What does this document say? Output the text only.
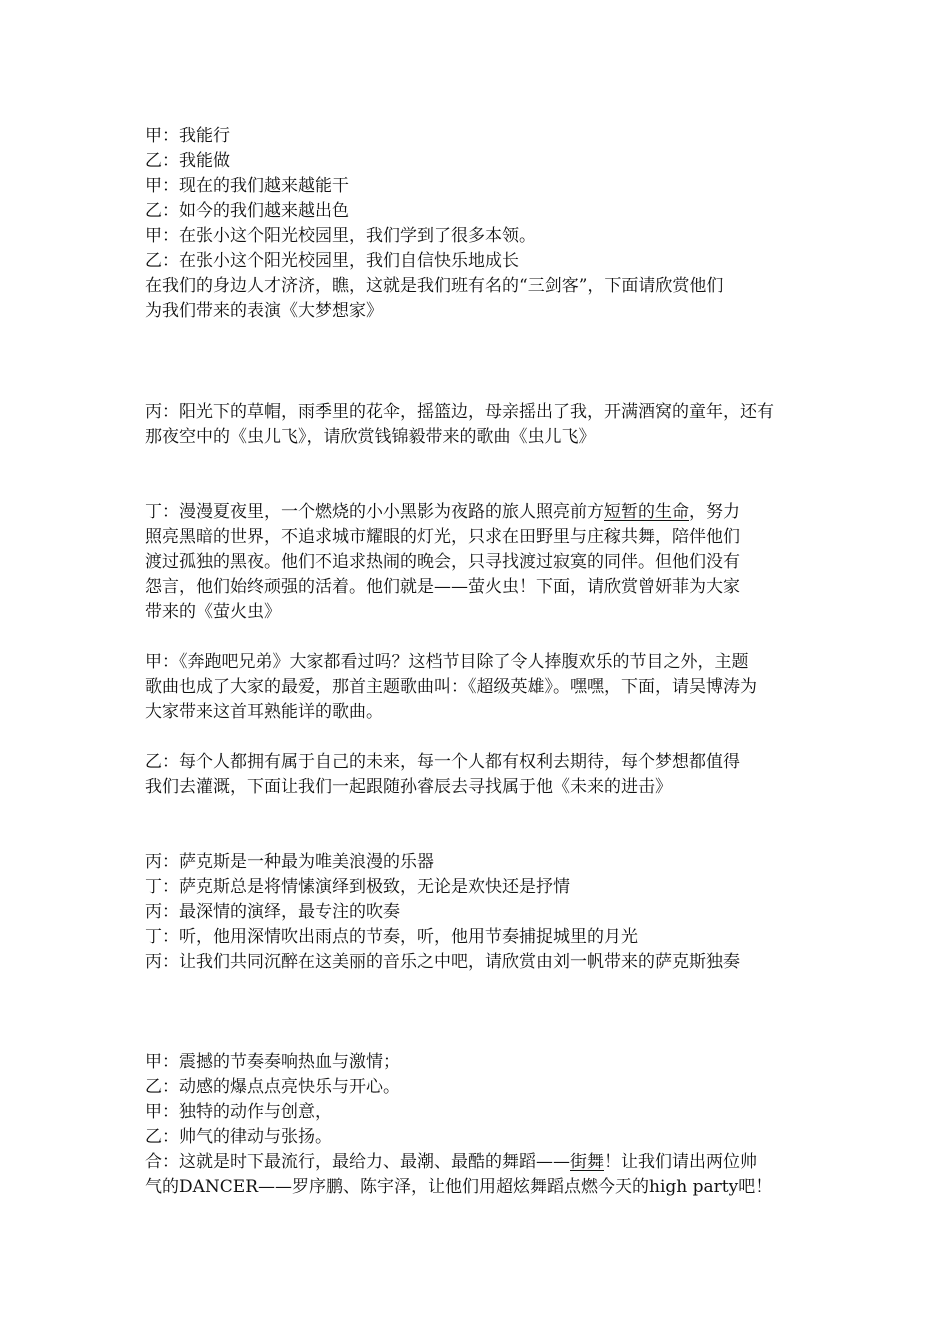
甲：我能行
乙：我能做
甲：现在的我们越来越能干
乙：如今的我们越来越出色
甲：在张小这个阳光校园里，我们学到了很多本领。
乙：在张小这个阳光校园里，我们自信快乐地成长
在我们的身边人才济济，瞧，这就是我们班有名的“三剑客”，下面请欣赏他们
为我们带来的表演《大梦想家》
丙：阳光下的草帽，雨季里的花伞，摇篮边，母亲摇出了我，开满酒窝的童年，还有
那夜空中的《虫儿飞》，请欣赏钱锦毅带来的歌曲《虫儿飞》
丁：漫漫夏夜里，一个燃烧的小小黑影为夜路的旅人照亮前方短暂的生命，努力
照亮黑暗的世界，不追求城市耀眼的灯光，只求在田野里与庄稼共舞，陪伴他们
渡过孤独的黑夜。他们不追求热闹的晚会，只寻找渡过寂寞的同伴。但他们没有
怨言，他们始终顽强的活着。他们就是——萤火虫！下面，请欣赏曾妍菲为大家
带来的《萤火虫》
甲：《奔跑吧兄弟》大家都看过吗？这档节目除了令人捧腹欢乐的节目之外，主题
歌曲也成了大家的最爱，那首主题歌曲叫：《超级英雄》。嘿嘿，下面，请吴博涛为
大家带来这首耳熟能详的歌曲。
乙：每个人都拥有属于自己的未来，每一个人都有权利去期待，每个梦想都值得
我们去灌溉，下面让我们一起跟随孙睿辰去寻找属于他《未来的进击》
丙：萨克斯是一种最为唯美浪漫的乐器
丁：萨克斯总是将情愫演绎到极致，无论是欢快还是抒情
丙：最深情的演绎，最专注的吹奏
丁：听，他用深情吹出雨点的节奏，听，他用节奏捕捉城里的月光
丙：让我们共同沉醉在这美丽的音乐之中吧，请欣赏由刘一帆带来的萨克斯独奏
甲：震撼的节奏奏响热血与激情；
乙：动感的爆点点亮快乐与开心。
甲：独特的动作与创意，
乙：帅气的律动与张扬。
合：这就是时下最流行，最给力、最潮、最酷的舞蹈——街舞！让我们请出两位帅
气的DANCER——罗序鹏、陈宇泽，让他们用超炫舞蹈点燃今天的high party吧！
